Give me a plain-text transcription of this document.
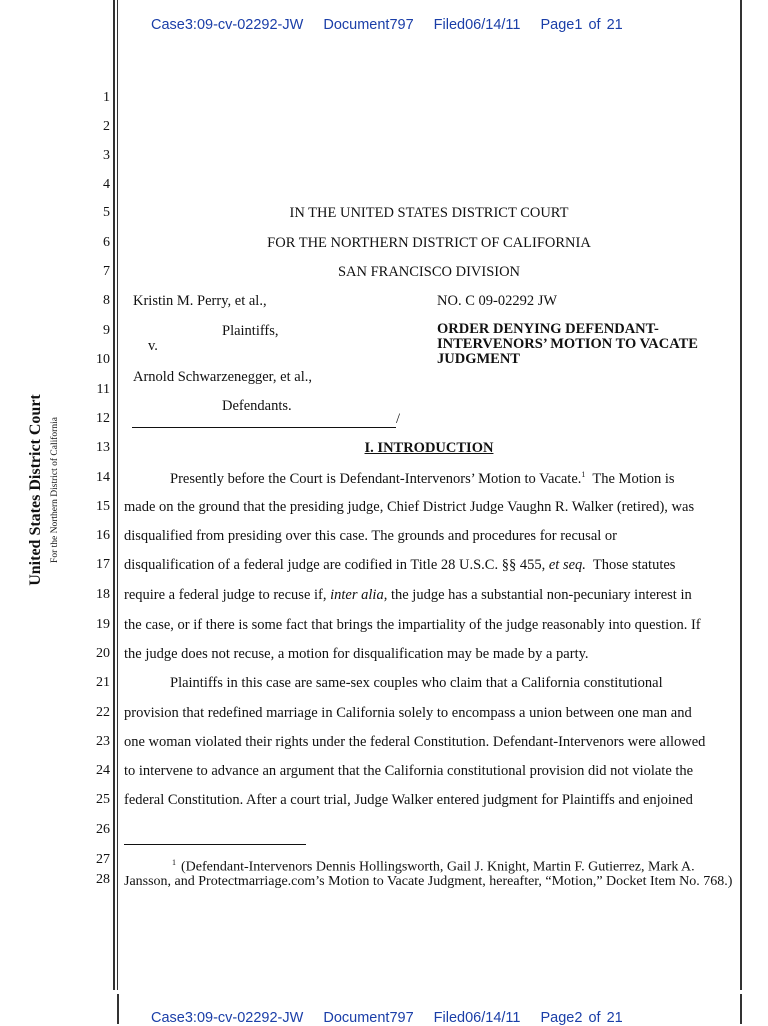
Case3:09-cv-02292-JW Document797 Filed06/14/11 Page1 of 21
Case3:09-cv-02292-JW Document797 Filed06/14/11 Page2 of 21
United States District Court For the Northern District of California
1
2
3
4
5
6
7
8
9
10
11
12
13
14
15
16
17
18
19
20
21
22
23
24
25
26
27
28
IN THE UNITED STATES DISTRICT COURT
FOR THE NORTHERN DISTRICT OF CALIFORNIA
SAN FRANCISCO DIVISION
Kristin M. Perry, et al.,	NO. C 09-02292 JW
Plaintiffs,
v.
ORDER DENYING DEFENDANT-INTERVENORS’ MOTION TO VACATE JUDGMENT
Arnold Schwarzenegger, et al.,
Defendants.
/
I. INTRODUCTION
Presently before the Court is Defendant-Intervenors’ Motion to Vacate.$^1$  The Motion is
made on the ground that the presiding judge, Chief District Judge Vaughn R. Walker (retired), was
disqualified from presiding over this case. The grounds and procedures for recusal or
disqualification of a federal judge are codified in Title 28 U.S.C. §§ 455, et seq.  Those statutes
require a federal judge to recuse if, inter alia, the judge has a substantial non-pecuniary interest in
the case, or if there is some fact that brings the impartiality of the judge reasonably into question. If
the judge does not recuse, a motion for disqualification may be made by a party.
Plaintiffs in this case are same-sex couples who claim that a California constitutional
provision that redefined marriage in California solely to encompass a union between one man and
one woman violated their rights under the federal Constitution. Defendant-Intervenors were allowed
to intervene to advance an argument that the California constitutional provision did not violate the
federal Constitution. After a court trial, Judge Walker entered judgment for Plaintiffs and enjoined
$^1$ (Defendant-Intervenors Dennis Hollingsworth, Gail J. Knight, Martin F. Gutierrez, Mark A. Jansson, and Protectmarriage.com’s Motion to Vacate Judgment, hereafter, “Motion,” Docket Item No. 768.)
